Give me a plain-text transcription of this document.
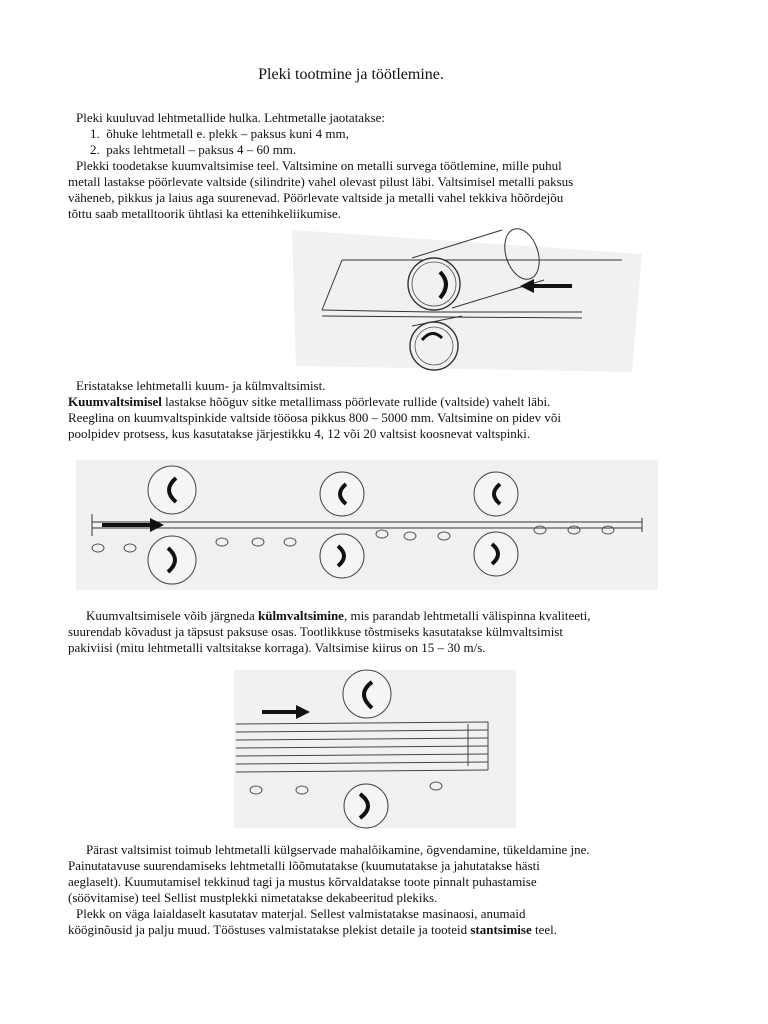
Pleki tootmine ja töötlemine.
Pleki kuuluvad lehtmetallide hulka. Lehtmetalle jaotatakse:
1. õhuke lehtmetall e. plekk – paksus kuni 4 mm,
2. paks lehtmetall – paksus 4 – 60 mm.
Plekki toodetakse kuumvaltsimise teel. Valtsimine on metalli survega töötlemine, mille puhul
metall lastakse pöörlevate valtside (silindrite) vahel olevast pilust läbi. Valtsimisel metalli paksus
väheneb, pikkus ja laius aga suurenevad. Pöörlevate valtside ja metalli vahel tekkiva hõõrdejõu
tõttu saab metalltoorik ühtlasi ka ettenihkeliikumise.
Eristatakse lehtmetalli kuum- ja külmvaltsimist.
Kuumvaltsimisel lastakse hõõguv sitke metallimass pöörlevate rullide (valtside) vahelt läbi.
Reeglina on kuumvaltspinkide valtside tööosa pikkus 800 – 5000 mm. Valtsimine on pidev või
poolpidev protsess, kus kasutatakse järjestikku 4, 12 või 20 valtsist koosnevat valtspinki.
Kuumvaltsimisele võib järgneda külmvaltsimine, mis parandab lehtmetalli välispinna kvaliteeti,
suurendab kõvadust ja täpsust paksuse osas. Tootlikkuse tõstmiseks kasutatakse külmvaltsimist
pakiviisi (mitu lehtmetalli valtsitakse korraga). Valtsimise kiirus on 15 – 30 m/s.
Pärast valtsimist toimub lehtmetalli külgservade mahalõikamine, õgvendamine, tükeldamine jne.
Painutatavuse suurendamiseks lehtmetalli lõõmutatakse (kuumutatakse ja jahutatakse hästi
aeglaselt). Kuumutamisel tekkinud tagi ja mustus kõrvaldatakse toote pinnalt puhastamise
(söövitamise) teel Sellist mustplekki nimetatakse dekabeeritud plekiks.
Plekk on väga laialdaselt kasutatav materjal. Sellest valmistatakse masinaosi, anumaid
kööginõusid ja palju muud. Tööstuses valmistatakse plekist detaile ja tooteid stantsimise teel.
